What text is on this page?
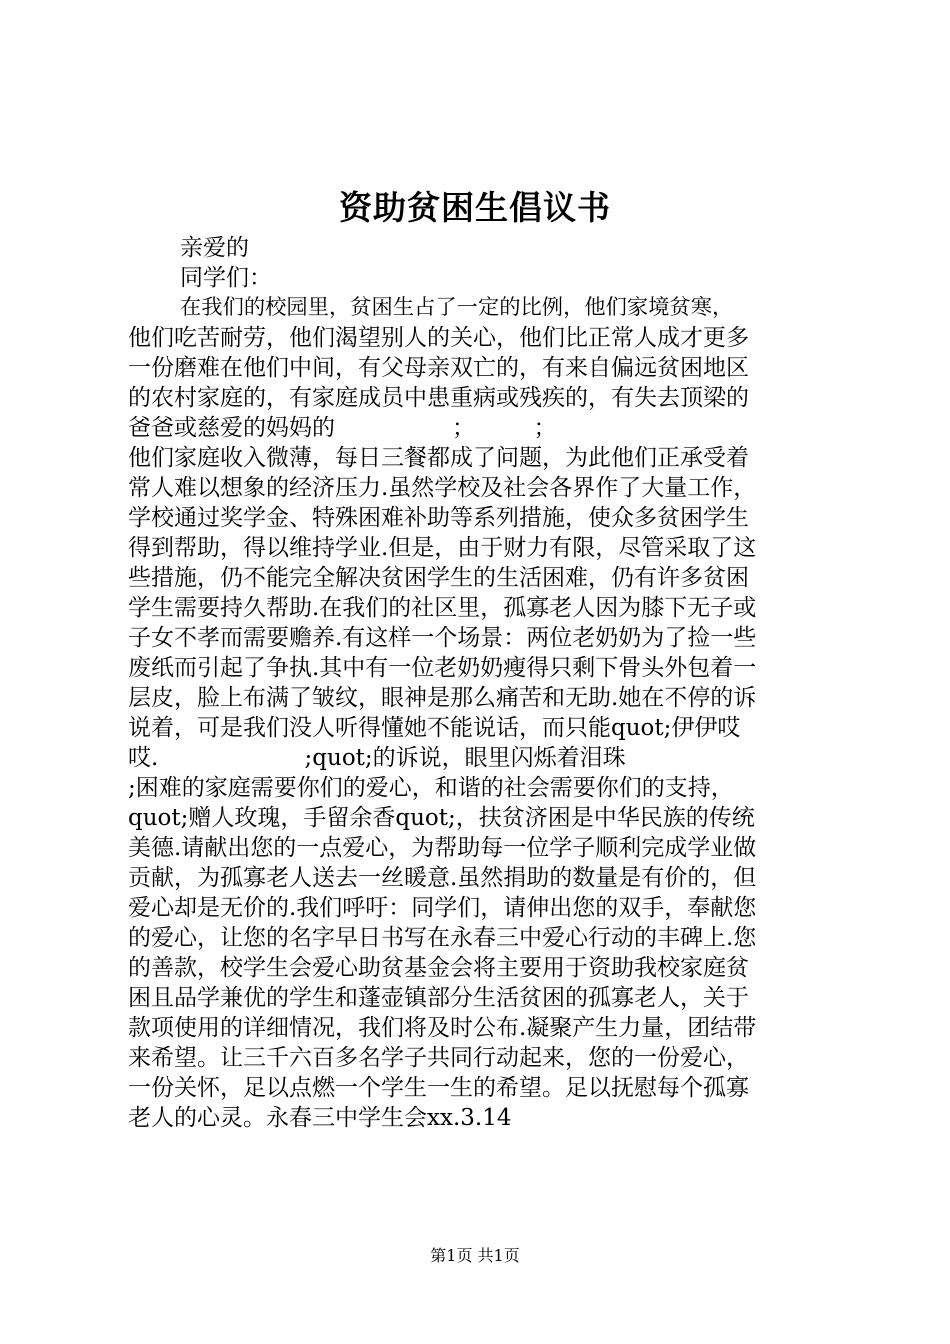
资助贫困生倡议书

亲爱的

同学们：

在我们的校园里，贫困生占了一定的比例，他们家境贫寒，
他们吃苦耐劳，他们渴望别人的关心，他们比正常人成才更多
一份磨难在他们中间，有父母亲双亡的，有来自偏远贫困地区
的农村家庭的，有家庭成员中患重病或残疾的，有失去顶梁的
爸爸或慈爱的妈妈的                ；        ；
他们家庭收入微薄，每日三餐都成了问题，为此他们正承受着
常人难以想象的经济压力.虽然学校及社会各界作了大量工作，
学校通过奖学金、特殊困难补助等系列措施，使众多贫困学生
得到帮助，得以维持学业.但是，由于财力有限，尽管采取了这
些措施，仍不能完全解决贫困学生的生活困难，仍有许多贫困
学生需要持久帮助.在我们的社区里，孤寡老人因为膝下无子或
子女不孝而需要赡养.有这样一个场景：两位老奶奶为了捡一些
废纸而引起了争执.其中有一位老奶奶瘦得只剩下骨头外包着一
层皮，脸上布满了皱纹，眼神是那么痛苦和无助.她在不停的诉
说着，可是我们没人听得懂她不能说话，而只能quot;伊伊哎
哎.                    ;quot;的诉说，眼里闪烁着泪珠
;困难的家庭需要你们的爱心，和谐的社会需要你们的支持，
quot;赠人玫瑰，手留余香quot;，扶贫济困是中华民族的传统
美德.请献出您的一点爱心，为帮助每一位学子顺利完成学业做
贡献，为孤寡老人送去一丝暖意.虽然捐助的数量是有价的，但
爱心却是无价的.我们呼吁：同学们，请伸出您的双手，奉献您
的爱心，让您的名字早日书写在永春三中爱心行动的丰碑上.您
的善款，校学生会爱心助贫基金会将主要用于资助我校家庭贫
困且品学兼优的学生和蓬壶镇部分生活贫困的孤寡老人，关于
款项使用的详细情况，我们将及时公布.凝聚产生力量，团结带
来希望。让三千六百多名学子共同行动起来，您的一份爱心，
一份关怀，足以点燃一个学生一生的希望。足以抚慰每个孤寡
老人的心灵。永春三中学生会xx.3.14
第1页 共1页
